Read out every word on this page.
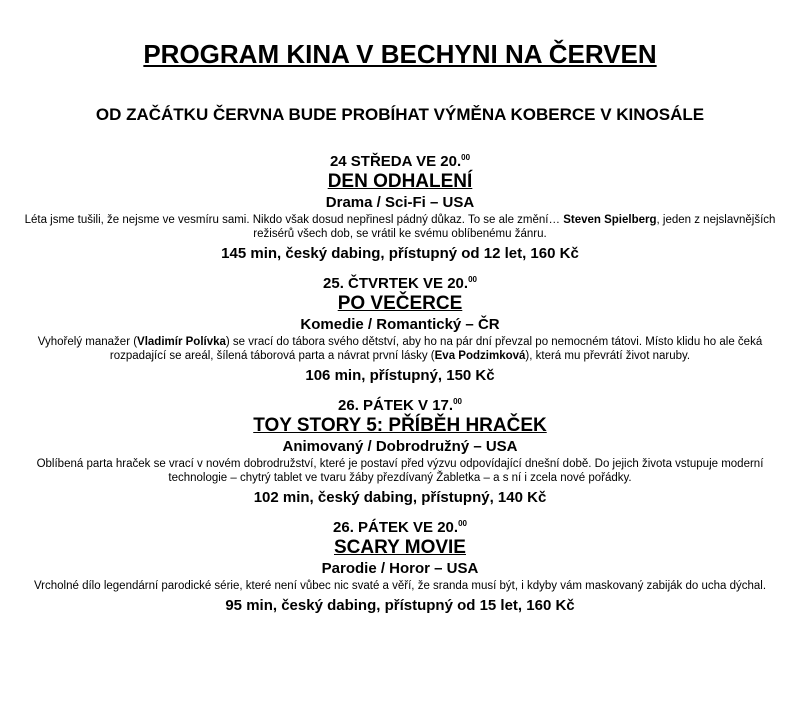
PROGRAM KINA V BECHYNI NA ČERVEN

OD ZAČÁTKU ČERVNA BUDE PROBÍHAT VÝMĚNA KOBERCE V KINOSÁLE

24 STŘEDA VE 20.00
DEN ODHALENÍ
Drama / Sci-Fi – USA

Léta jsme tušili, že nejsme ve vesmíru sami. Nikdo však dosud nepřinesl pádný důkaz. To se ale změní… Steven Spielberg, jeden z nejslavnějších režisérů všech dob, se vrátil ke svému oblíbenému žánru.

145 min, český dabing, přístupný od 12 let, 160 Kč
25. ČTVRTEK VE 20.00
PO VEČERCE
Komedie / Romantický – ČR

Vyhořelý manažer (Vladimír Polívka) se vrací do tábora svého dětství, aby ho na pár dní převzal po nemocném tátovi. Místo klidu ho ale čeká rozpadající se areál, šílená táborová parta a návrat první lásky (Eva Podzimková), která mu převrátí život naruby.

106 min, přístupný, 150 Kč
26. PÁTEK V 17.00
TOY STORY 5: PŘÍBĚH HRAČEK
Animovaný / Dobrodružný – USA

Oblíbená parta hraček se vrací v novém dobrodružství, které je postaví před výzvu odpovídající dnešní době. Do jejich života vstupuje moderní technologie – chytrý tablet ve tvaru žáby přezdívaný Žabletka – a s ní i zcela nové pořádky.

102 min, český dabing, přístupný, 140 Kč
26. PÁTEK VE 20.00
SCARY MOVIE
Parodie / Horor – USA

Vrcholné dílo legendární parodické série, které není vůbec nic svaté a věří, že sranda musí být, i kdyby vám maskovaný zabiják do ucha dýchal.

95 min, český dabing, přístupný od 15 let, 160 Kč
